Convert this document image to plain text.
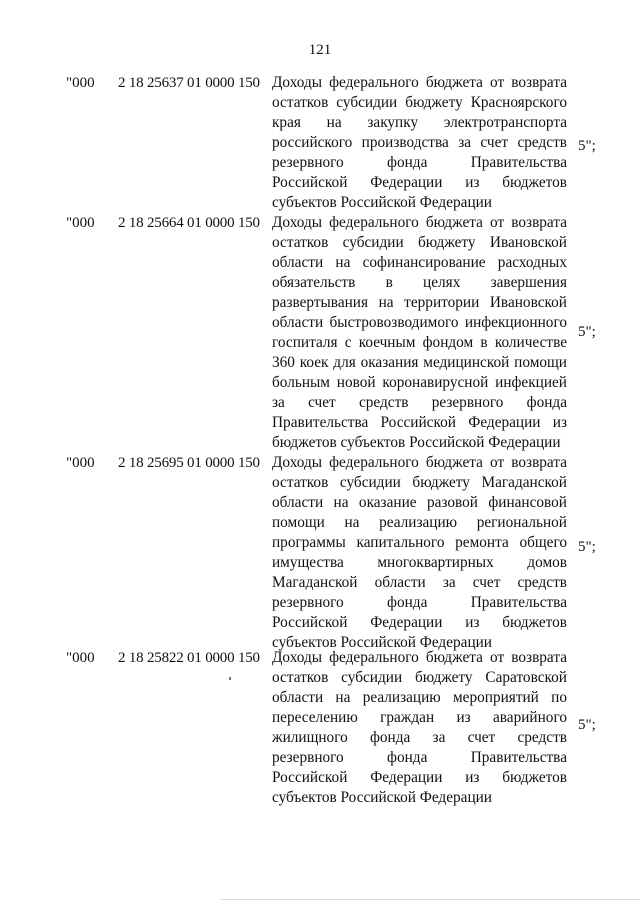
121
"000 2 18 25637 01 0000 150 Доходы федерального бюджета от возврата остатков субсидии бюджету Красноярского края на закупку электротранспорта российского производства за счет средств резервного фонда Правительства Российской Федерации из бюджетов субъектов Российской Федерации
5";
"000 2 18 25664 01 0000 150 Доходы федерального бюджета от возврата остатков субсидии бюджету Ивановской области на софинансирование расходных обязательств в целях завершения развертывания на территории Ивановской области быстровозводимого инфекционного госпиталя с коечным фондом в количестве 360 коек для оказания медицинской помощи больным новой коронавирусной инфекцией за счет средств резервного фонда Правительства Российской Федерации из бюджетов субъектов Российской Федерации
5";
"000 2 18 25695 01 0000 150 Доходы федерального бюджета от возврата остатков субсидии бюджету Магаданской области на оказание разовой финансовой помощи на реализацию региональной программы капитального ремонта общего имущества многоквартирных домов Магаданской области за счет средств резервного фонда Правительства Российской Федерации из бюджетов субъектов Российской Федерации
5";
"000 2 18 25822 01 0000 150 Доходы федерального бюджета от возврата остатков субсидии бюджету Саратовской области на реализацию мероприятий по переселению граждан из аварийного жилищного фонда за счет средств резервного фонда Правительства Российской Федерации из бюджетов субъектов Российской Федерации
5";
